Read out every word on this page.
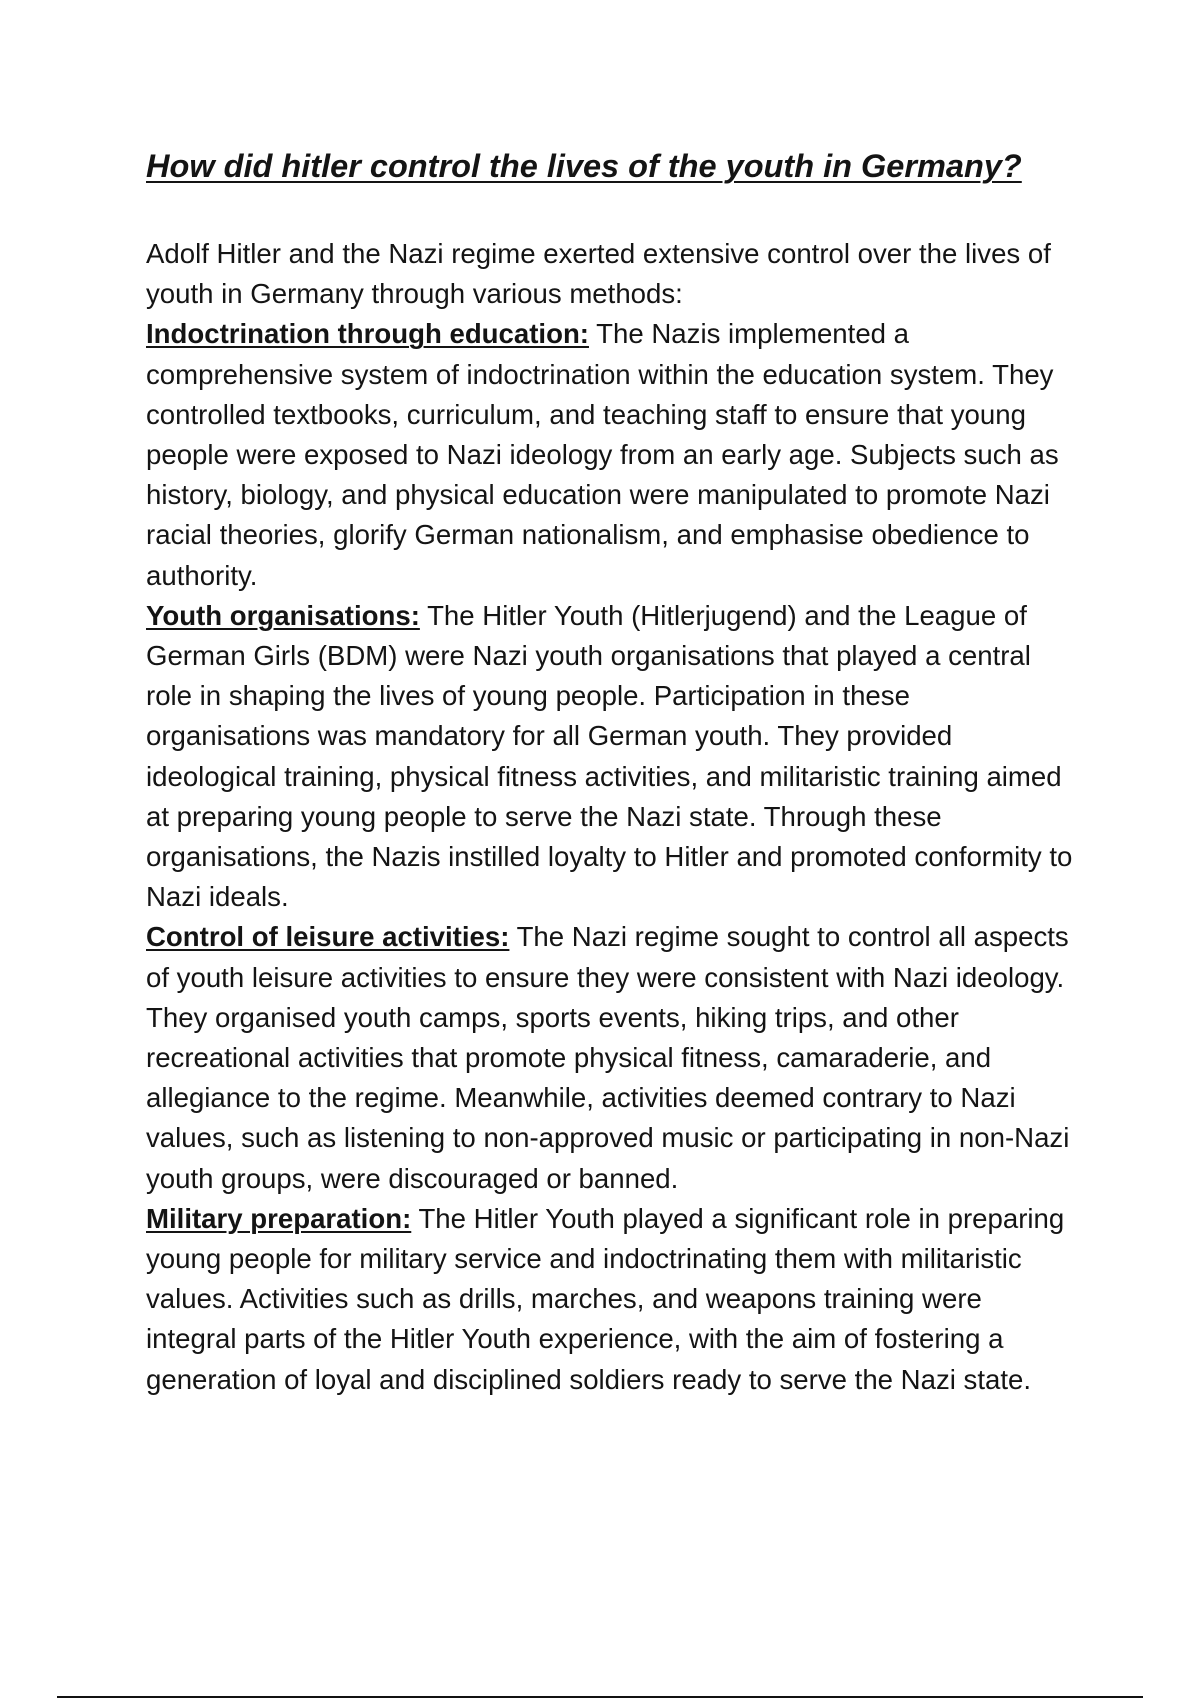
How did hitler control the lives of the youth in Germany?

Adolf Hitler and the Nazi regime exerted extensive control over the lives of youth in Germany through various methods:

Indoctrination through education: The Nazis implemented a comprehensive system of indoctrination within the education system. They controlled textbooks, curriculum, and teaching staff to ensure that young people were exposed to Nazi ideology from an early age. Subjects such as history, biology, and physical education were manipulated to promote Nazi racial theories, glorify German nationalism, and emphasise obedience to authority.

Youth organisations: The Hitler Youth (Hitlerjugend) and the League of German Girls (BDM) were Nazi youth organisations that played a central role in shaping the lives of young people. Participation in these organisations was mandatory for all German youth. They provided ideological training, physical fitness activities, and militaristic training aimed at preparing young people to serve the Nazi state. Through these organisations, the Nazis instilled loyalty to Hitler and promoted conformity to Nazi ideals.

Control of leisure activities: The Nazi regime sought to control all aspects of youth leisure activities to ensure they were consistent with Nazi ideology. They organised youth camps, sports events, hiking trips, and other recreational activities that promote physical fitness, camaraderie, and allegiance to the regime. Meanwhile, activities deemed contrary to Nazi values, such as listening to non-approved music or participating in non-Nazi youth groups, were discouraged or banned.

Military preparation: The Hitler Youth played a significant role in preparing young people for military service and indoctrinating them with militaristic values. Activities such as drills, marches, and weapons training were integral parts of the Hitler Youth experience, with the aim of fostering a generation of loyal and disciplined soldiers ready to serve the Nazi state.
